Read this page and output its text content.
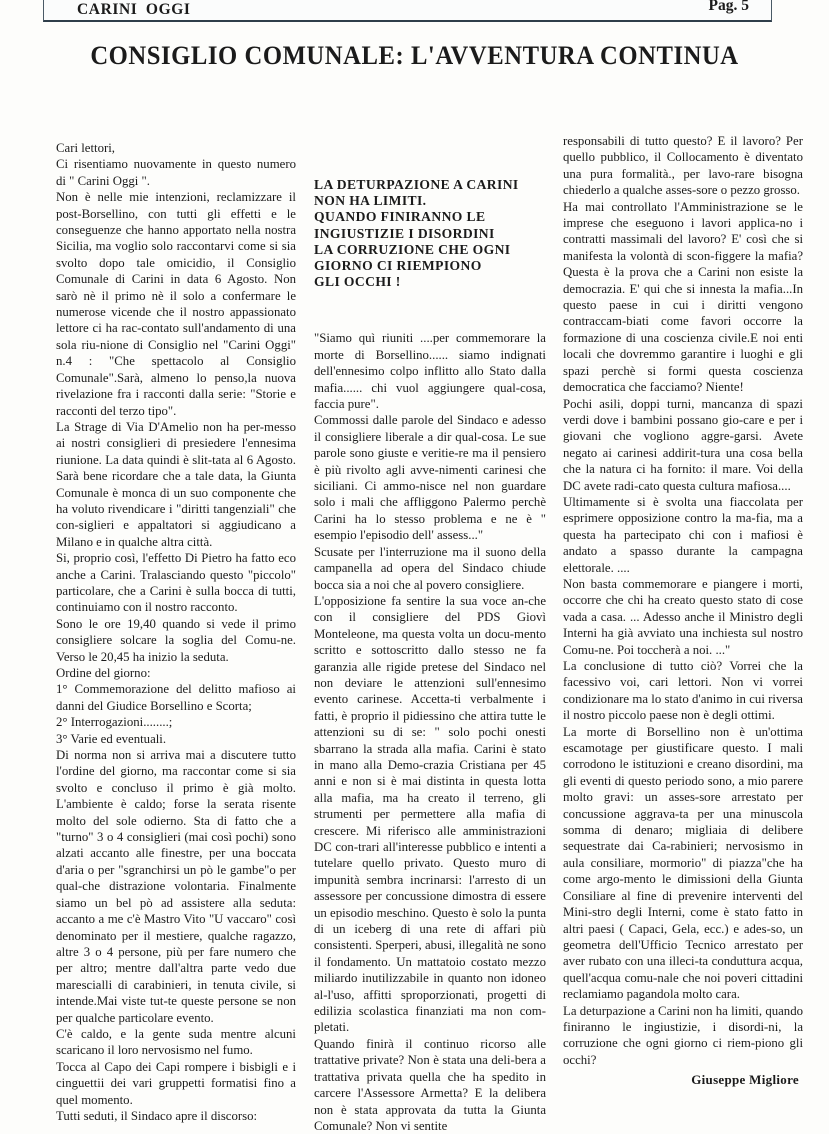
CARINI OGGI	Pag. 5
CONSIGLIO COMUNALE: L'AVVENTURA CONTINUA

Cari lettori,

Ci risentiamo nuovamente in questo numero di " Carini Oggi ".

Non è nelle mie intenzioni, reclamizzare il post-Borsellino, con tutti gli effetti e le conseguenze che hanno apportato nella nostra Sicilia, ma voglio solo raccontarvi come si sia svolto dopo tale omicidio, il Consiglio Comunale di Carini in data 6 Agosto. Non sarò nè il primo nè il solo a confermare le numerose vicende che il nostro appassionato lettore ci ha rac-contato sull'andamento di una sola riu-nione di Consiglio nel "Carini Oggi" n.4 : "Che spettacolo al Consiglio Comunale".Sarà, almeno lo penso,la nuova rivelazione fra i racconti dalla serie: "Storie e racconti del terzo tipo".

La Strage di Via D'Amelio non ha per-messo ai nostri consiglieri di presiedere l'ennesima riunione. La data quindi è slit-tata al 6 Agosto. Sarà bene ricordare che a tale data, la Giunta Comunale è monca di un suo componente che ha voluto rivendicare i "diritti tangenziali" che con-siglieri e appaltatori si aggiudicano a Milano e in qualche altra città.

Si, proprio così, l'effetto Di Pietro ha fatto eco anche a Carini. Tralasciando questo "piccolo" particolare, che a Carini è sulla bocca di tutti, continuiamo con il nostro racconto.

Sono le ore 19,40 quando si vede il primo consigliere solcare la soglia del Comu-ne. Verso le 20,45 ha inizio la seduta.

Ordine del giorno:

1° Commemorazione del delitto mafioso ai danni del Giudice Borsellino e Scorta;

2° Interrogazioni........;

3° Varie ed eventuali.

Di norma non si arriva mai a discutere tutto l'ordine del giorno, ma raccontar come si sia svolto e concluso il primo è già molto. L'ambiente è caldo; forse la serata risente molto del sole odierno. Sta di fatto che a "turno" 3 o 4 consiglieri (mai così pochi) sono alzati accanto alle finestre, per una boccata d'aria o per "sgranchirsi un pò le gambe"o per qual-che distrazione volontaria. Finalmente siamo un bel pò ad assistere alla seduta: accanto a me c'è Mastro Vito "U vaccaro" così denominato per il mestiere, qualche ragazzo, altre 3 o 4 persone, più per fare numero che per altro; mentre dall'altra parte vedo due marescialli di carabinieri, in tenuta civile, si intende.Mai viste tut-te queste persone se non per qualche particolare evento.

C'è caldo, e la gente suda mentre alcuni scaricano il loro nervosismo nel fumo.

Tocca al Capo dei Capi rompere i bisbigli e i cinguettii dei vari gruppetti formatisi fino a quel momento.

Tutti seduti, il Sindaco apre il discorso:

LA DETURPAZIONE A CARINI
NON HA LIMITI.
QUANDO FINIRANNO LE
INGIUSTIZIE I DISORDINI
LA CORRUZIONE CHE OGNI
GIORNO CI RIEMPIONO
GLI OCCHI !

"Siamo quì riuniti ....per commemorare la morte di Borsellino...... siamo indignati dell'ennesimo colpo inflitto allo Stato dalla mafia...... chi vuol aggiungere qual-cosa, faccia pure".

Commossi dalle parole del Sindaco e adesso il consigliere liberale a dir qual-cosa. Le sue parole sono giuste e veritie-re ma il pensiero è più rivolto agli avve-nimenti carinesi che siciliani. Ci ammo-nisce nel non guardare solo i mali che affliggono Palermo perchè Carini ha lo stesso problema e ne è " esempio l'episodio dell' assess..."

Scusate per l'interruzione ma il suono della campanella ad opera del Sindaco chiude bocca sia a noi che al povero consigliere.

L'opposizione fa sentire la sua voce an-che con il consigliere del PDS Giovì Monteleone, ma questa volta un docu-mento scritto e sottoscritto dallo stesso ne fa garanzia alle rigide pretese del Sindaco nel non deviare le attenzioni sull'ennesimo evento carinese. Accetta-ti verbalmente i fatti, è proprio il pidiessino che attira tutte le attenzioni su di se: " solo pochi onesti sbarrano la strada alla mafia. Carini è stato in mano alla Demo-crazia Cristiana per 45 anni e non si è mai distinta in questa lotta alla mafia, ma ha creato il terreno, gli strumenti per permettere alla mafia di crescere. Mi riferisco alle amministrazioni DC con-trari all'interesse pubblico e intenti a tutelare quello privato. Questo muro di impunità sembra incrinarsi: l'arresto di un assessore per concussione dimostra di essere un episodio meschino. Questo è solo la punta di un iceberg di una rete di affari più consistenti. Sperperi, abusi, illegalità ne sono il fondamento. Un mattatoio costato mezzo miliardo inutilizzabile in quanto non idoneo al-l'uso, affitti sproporzionati, progetti di edilizia scolastica finanziati ma non com-pletati.

Quando finirà il continuo ricorso alle trattative private? Non è stata una deli-bera a trattativa privata quella che ha spedito in carcere l'Assessore Armetta? E la delibera non è stata approvata da tutta la Giunta Comunale? Non vi sentite

responsabili di tutto questo? E il lavoro? Per quello pubblico, il Collocamento è diventato una pura formalità., per lavo-rare bisogna chiederlo a qualche asses-sore o pezzo grosso.

Ha mai controllato l'Amministrazione se le imprese che eseguono i lavori applica-no i contratti massimali del lavoro? E' così che si manifesta la volontà di scon-figgere la mafia? Questa è la prova che a Carini non esiste la democrazia. E' qui che si innesta la mafia...In questo paese in cui i diritti vengono contraccam-biati come favori occorre la formazione di una coscienza civile.E noi enti locali che dovremmo garantire i luoghi e gli spazi perchè si formi questa coscienza democratica che facciamo? Niente!

Pochi asili, doppi turni, mancanza di spazi verdi dove i bambini possano gio-care e per i giovani che vogliono aggre-garsi. Avete negato ai carinesi addirit-tura una cosa bella che la natura ci ha fornito: il mare. Voi della DC avete radi-cato questa cultura mafiosa....

Ultimamente si è svolta una fiaccolata per esprimere opposizione contro la ma-fia, ma a questa ha partecipato chi con i mafiosi è andato a spasso durante la campagna elettorale. ....

Non basta commemorare e piangere i morti, occorre che chi ha creato questo stato di cose vada a casa. ... Adesso anche il Ministro degli Interni ha già avviato una inchiesta sul nostro Comu-ne. Poi toccherà a noi. ..."

La conclusione di tutto ciò? Vorrei che la facessivo voi, cari lettori. Non vi vorrei condizionare ma lo stato d'animo in cui riversa il nostro piccolo paese non è degli ottimi.

La morte di Borsellino non è un'ottima escamotage per giustificare questo. I mali corrodono le istituzioni e creano disordini, ma gli eventi di questo periodo sono, a mio parere molto gravi: un asses-sore arrestato per concussione aggrava-ta per una minuscola somma di denaro; migliaia di delibere sequestrate dai Ca-rabinieri; nervosismo in aula consiliare, mormorio" di piazza"che ha come argo-mento le dimissioni della Giunta Consiliare al fine di prevenire interventi del Mini-stro degli Interni, come è stato fatto in altri paesi ( Capaci, Gela, ecc.) e ades-so, un geometra dell'Ufficio Tecnico arrestato per aver rubato con una illeci-ta conduttura acqua, quell'acqua comu-nale che noi poveri cittadini reclamiamo pagandola molto cara.

La deturpazione a Carini non ha limiti, quando finiranno le ingiustizie, i disordi-ni, la corruzione che ogni giorno ci riem-piono gli occhi?

Giuseppe Migliore
